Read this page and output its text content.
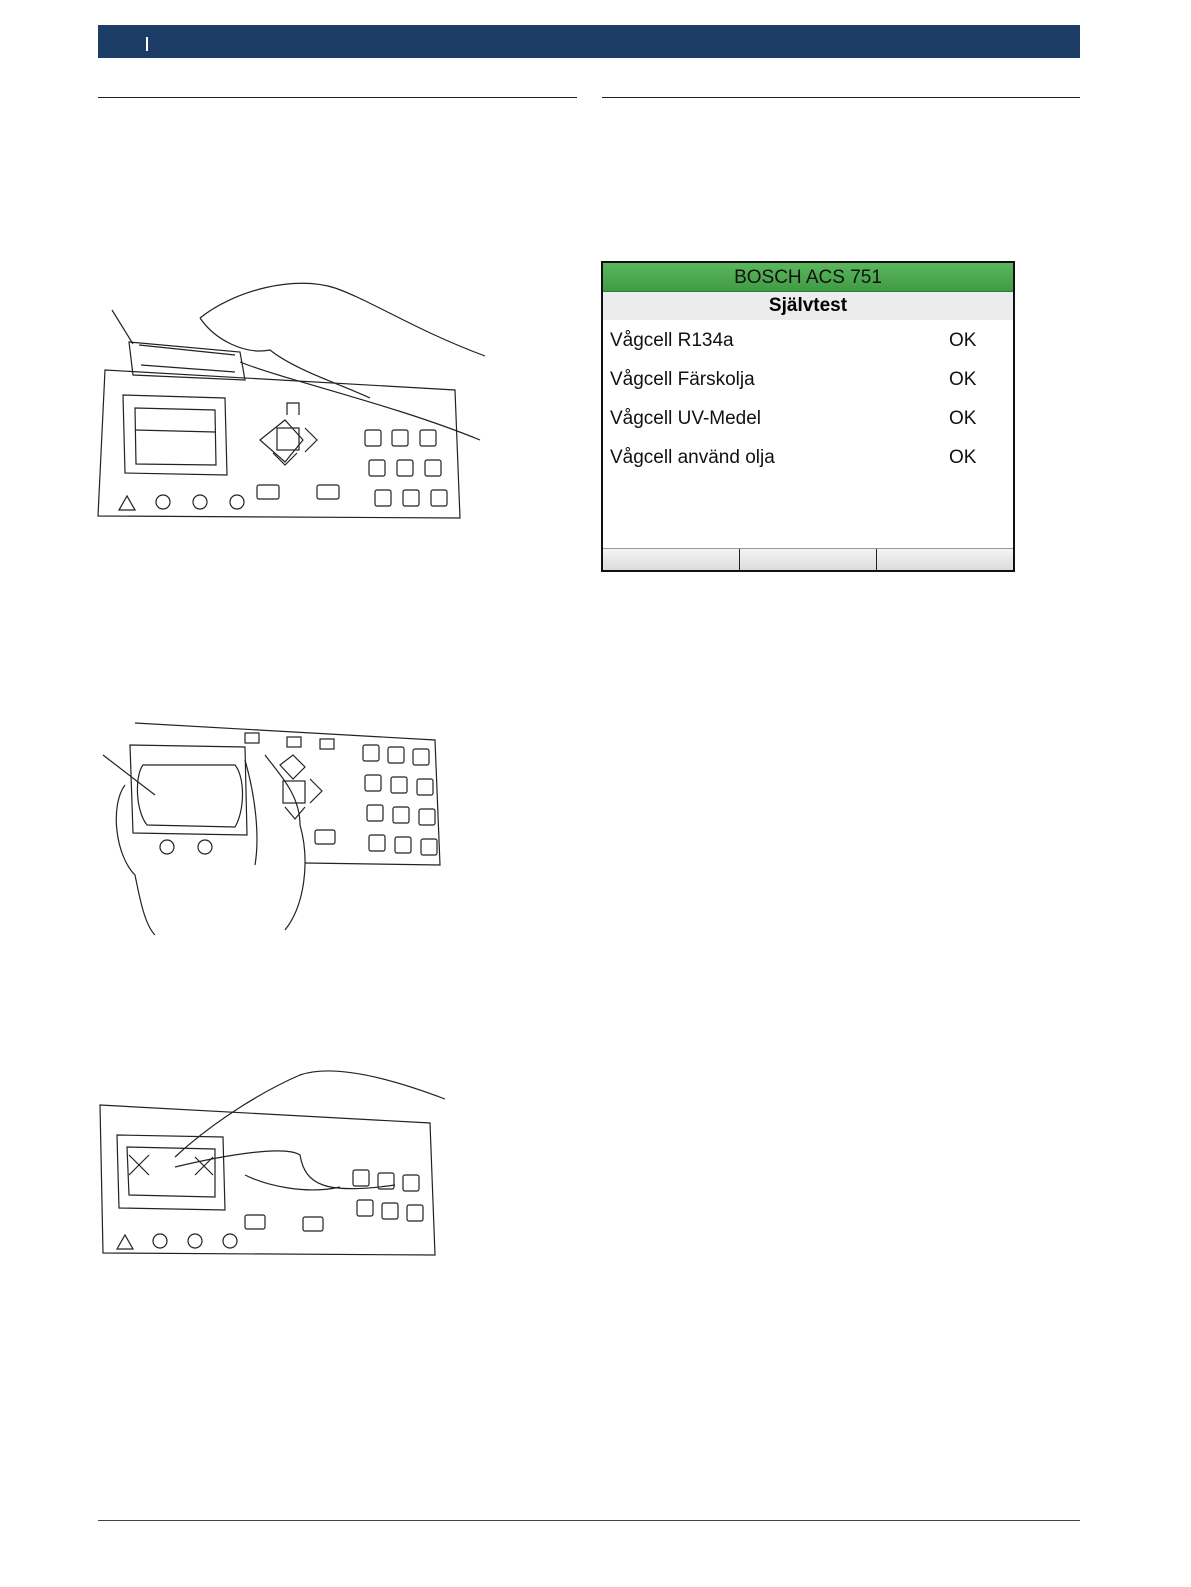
BOSCH ACS 751
Självtest
Vågcell R134a	OK
Vågcell Färskolja	OK
Vågcell UV-Medel	OK
Vågcell använd olja	OK
